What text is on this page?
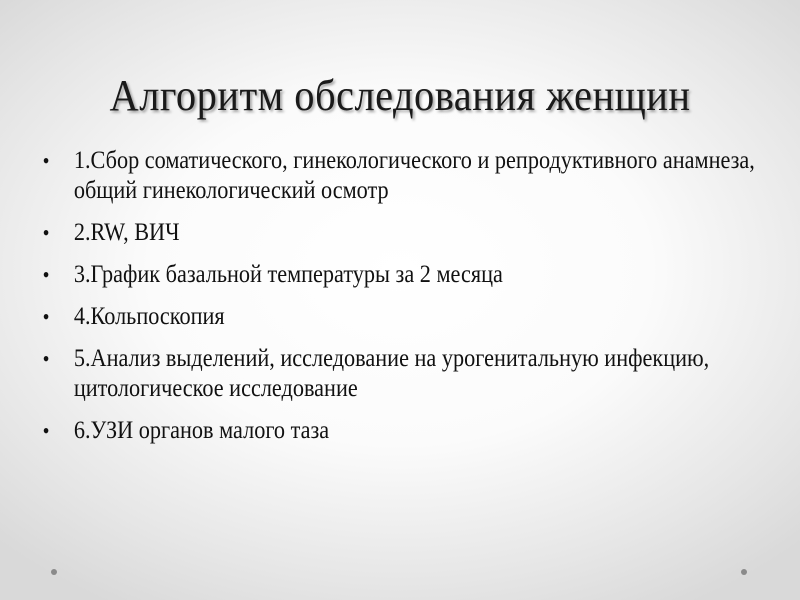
Алгоритм обследования женщин
• 1.Сбор соматического, гинекологического и репродуктивного анамнеза, общий гинекологический осмотр
• 2.RW, ВИЧ
• 3.График базальной температуры за 2 месяца
• 4.Кольпоскопия
• 5.Анализ выделений, исследование на урогенитальную инфекцию, цитологическое исследование
• 6.УЗИ органов малого таза
